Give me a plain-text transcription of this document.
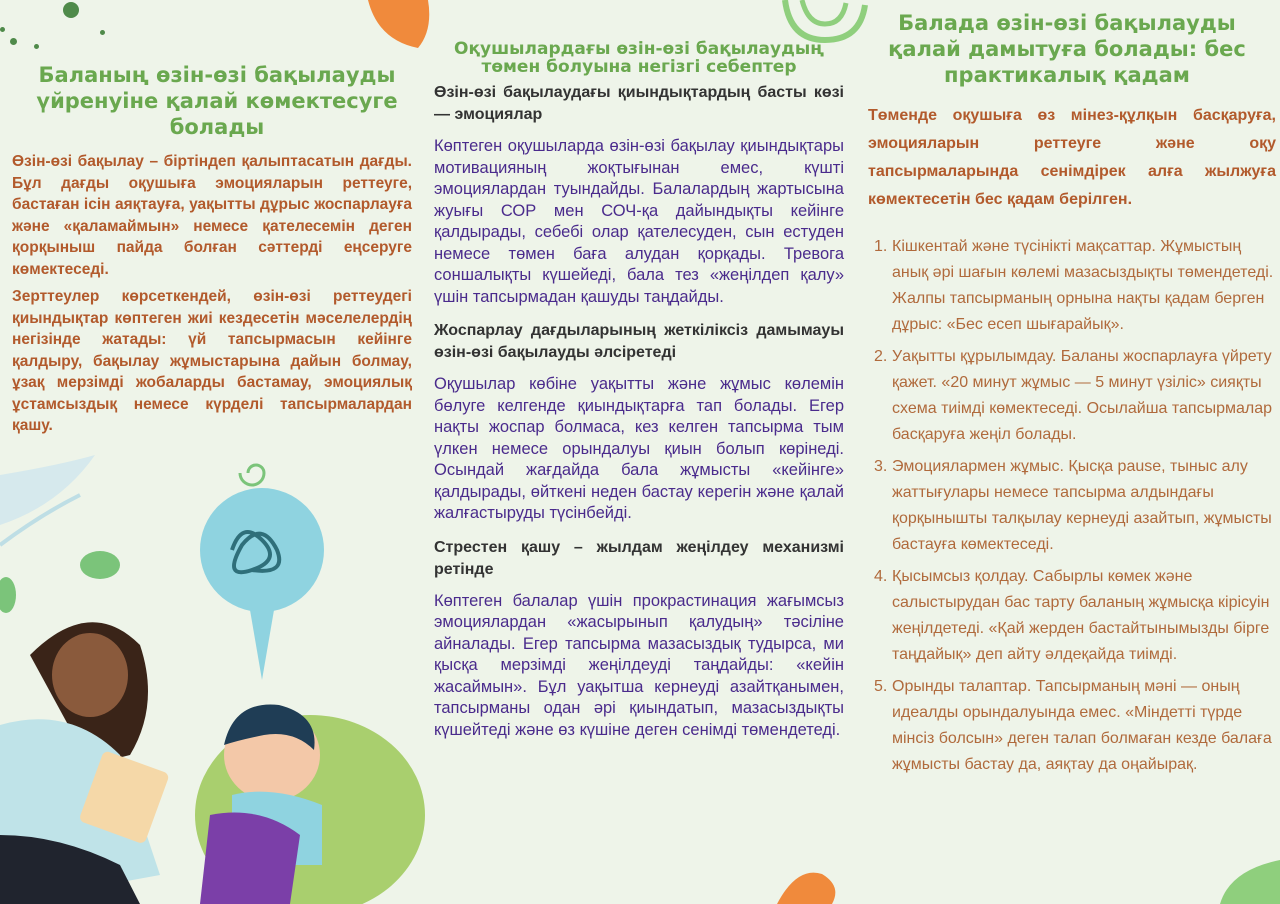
Баланың өзін-өзі бақылауды үйренуіне қалай көмектесуге болады

Өзін-өзі бақылау – біртіндеп қалыптасатын дағды. Бұл дағды оқушыға эмоцияларын реттеуге, бастаған ісін аяқтауға, уақытты дұрыс жоспарлауға және «қаламаймын» немесе қателесемін деген қорқыныш пайда болған сәттерді еңсеруге көмектеседі.

Зерттеулер көрсеткендей, өзін-өзі реттеудегі қиындықтар көптеген жиі кездесетін мәселелердің негізінде жатады: үй тапсырмасын кейінге қалдыру, бақылау жұмыстарына дайын болмау, ұзақ мерзімді жобаларды бастамау, эмоциялық ұстамсыздық немесе күрделі тапсырмалардан қашу.

Оқушылардағы өзін-өзі бақылаудың төмен болуына негізгі себептер

Өзін-өзі бақылаудағы қиындықтардың басты көзі — эмоциялар

Көптеген оқушыларда өзін-өзі бақылау қиындықтары мотивацияның жоқтығынан емес, күшті эмоциялардан туындайды. Балалардың жартысына жуығы СОР мен СОЧ-қа дайындықты кейінге қалдырады, себебі олар қателесуден, сын естуден немесе төмен баға алудан қорқады. Тревога соншалықты күшейеді, бала тез «жеңілдеп қалу» үшін тапсырмадан қашуды таңдайды.

Жоспарлау дағдыларының жеткіліксіз дамымауы өзін-өзі бақылауды әлсіретеді

Оқушылар көбіне уақытты және жұмыс көлемін бөлуге келгенде қиындықтарға тап болады. Егер нақты жоспар болмаса, кез келген тапсырма тым үлкен немесе орындалуы қиын болып көрінеді. Осындай жағдайда бала жұмысты «кейінге» қалдырады, өйткені неден бастау керегін және қалай жалғастыруды түсінбейді.

Стрестен қашу – жылдам жеңілдеу механизмі ретінде

Көптеген балалар үшін прокрастинация жағымсыз эмоциялардан «жасырынып қалудың» тәсіліне айналады. Егер тапсырма мазасыздық тудырса, ми қысқа мерзімді жеңілдеуді таңдайды: «кейін жасаймын». Бұл уақытша кернеуді азайтқанымен, тапсырманы одан әрі қиындатып, мазасыздықты күшейтеді және өз күшіне деген сенімді төмендетеді.

Балада өзін-өзі бақылауды қалай дамытуға болады: бес практикалық қадам

Төменде оқушыға өз мінез-құлқын басқаруға, эмоцияларын реттеуге және оқу тапсырмаларында сенімдірек алға жылжуға көмектесетін бес қадам берілген.

1. Кішкентай және түсінікті мақсаттар. Жұмыстың анық әрі шағын көлемі мазасыздықты төмендетеді. Жалпы тапсырманың орнына нақты қадам берген дұрыс: «Бес есеп шығарайық».
2. Уақытты құрылымдау. Баланы жоспарлауға үйрету қажет. «20 минут жұмыс — 5 минут үзіліс» сияқты схема тиімді көмектеседі. Осылайша тапсырмалар басқаруға жеңіл болады.
3. Эмоциялармен жұмыс. Қысқа pause, тыныс алу жаттығулары немесе тапсырма алдындағы қорқынышты талқылау кернеуді азайтып, жұмысты бастауға көмектеседі.
4. Қысымсыз қолдау. Сабырлы көмек және салыстырудан бас тарту баланың жұмысқа кірісуін жеңілдетеді. «Қай жерден бастайтынымызды бірге таңдайық» деп айту әлдеқайда тиімді.
5. Орынды талаптар. Тапсырманың мәні — оның идеалды орындалуында емес. «Міндетті түрде мінсіз болсын» деген талап болмаған кезде балаға жұмысты бастау да, аяқтау да оңайырақ.
